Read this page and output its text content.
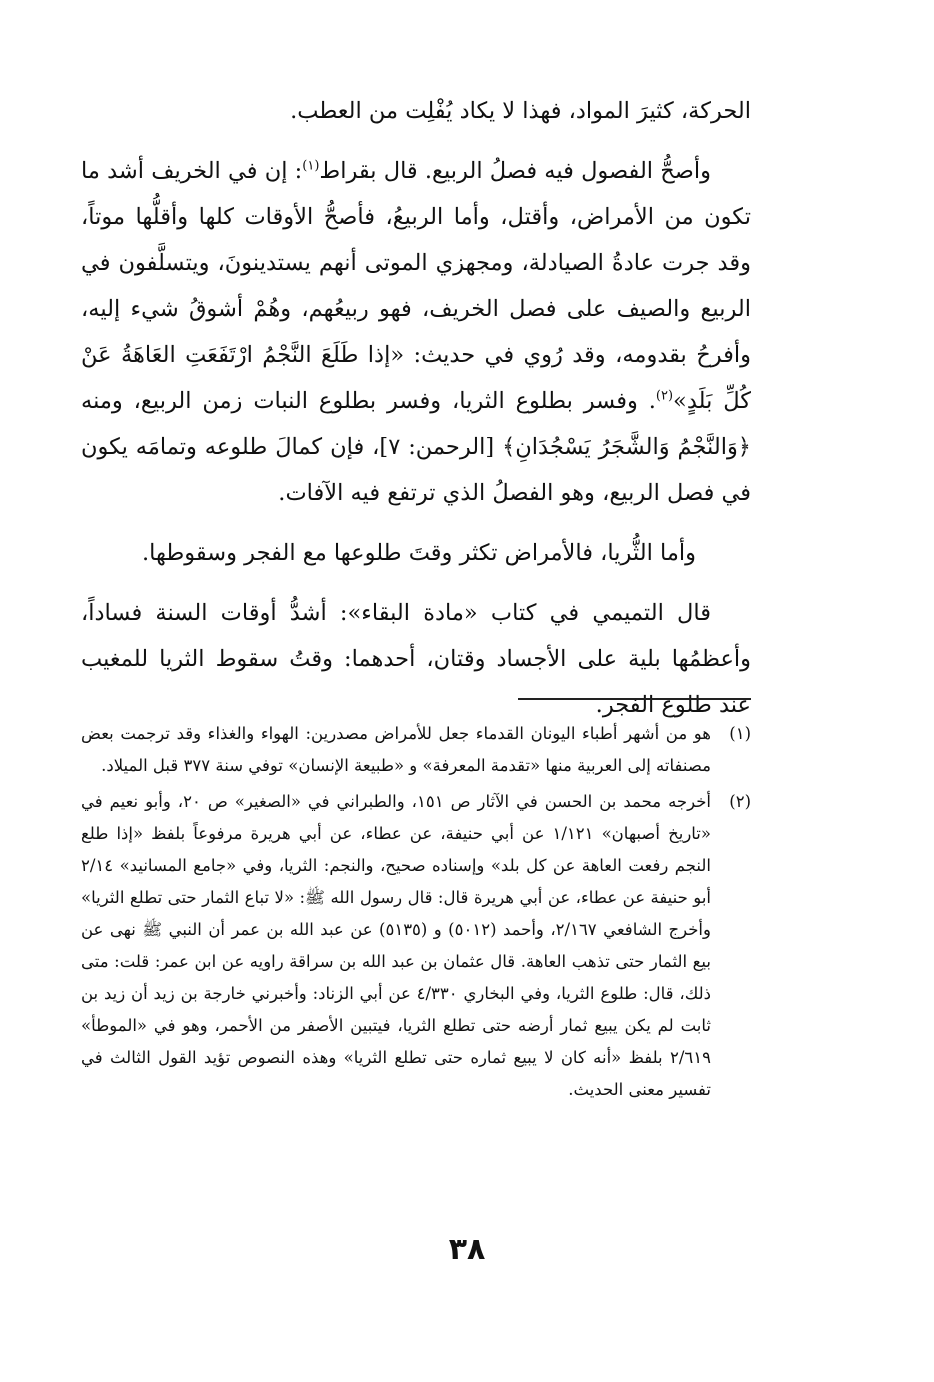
الحركة، كثيرَ المواد، فهذا لا يكاد يُفْلِت من العطب.

وأصحُّ الفصول فيه فصلُ الربيع. قال بقراط$^{(١)}$: إن في الخريف أشد ما تكون من الأمراض، وأقتل، وأما الربيعُ، فأصحُّ الأوقات كلها وأقلُّها موتاً، وقد جرت عادةُ الصيادلة، ومجهزي الموتى أنهم يستدينونَ، ويتسلَّفون في الربيع والصيف على فصل الخريف، فهو ربيعُهم، وهُمْ أشوقُ شيء إليه، وأفرحُ بقدومه، وقد رُوي في حديث: «إذا طَلَعَ النَّجْمُ ارْتَفَعَتِ العَاهَةُ عَنْ كُلِّ بَلَدٍ»$^{(٢)}$. وفسر بطلوع الثريا، وفسر بطلوع النبات زمن الربيع، ومنه ﴿وَالنَّجْمُ وَالشَّجَرُ يَسْجُدَانِ﴾ [الرحمن: ٧]، فإن كمالَ طلوعه وتمامَه يكون في فصل الربيع، وهو الفصلُ الذي ترتفع فيه الآفات.

وأما الثُّريا، فالأمراض تكثر وقتَ طلوعها مع الفجر وسقوطها.

قال التميمي في كتاب «مادة البقاء»: أشدُّ أوقات السنة فساداً، وأعظمُها بلية على الأجساد وقتان، أحدهما: وقتُ سقوط الثريا للمغيب عند طلوع الفجر.

(١)
هو من أشهر أطباء اليونان القدماء جعل للأمراض مصدرين: الهواء والغذاء وقد ترجمت بعض مصنفاته إلى العربية منها «تقدمة المعرفة» و «طبيعة الإنسان» توفي سنة ٣٧٧ قبل الميلاد.
(٢)
أخرجه محمد بن الحسن في الآثار ص ١٥١، والطبراني في «الصغير» ص ٢٠، وأبو نعيم في «تاريخ أصبهان» ١/١٢١ عن أبي حنيفة، عن عطاء، عن أبي هريرة مرفوعاً بلفظ «إذا طلع النجم رفعت العاهة عن كل بلد» وإسناده صحيح، والنجم: الثريا، وفي «جامع المسانيد» ٢/١٤ أبو حنيفة عن عطاء، عن أبي هريرة قال: قال رسول الله ﷺ: «لا تباع الثمار حتى تطلع الثريا» وأخرج الشافعي ٢/١٦٧، وأحمد (٥٠١٢) و (٥١٣٥) عن عبد الله بن عمر أن النبي ﷺ نهى عن بيع الثمار حتى تذهب العاهة. قال عثمان بن عبد الله بن سراقة راويه عن ابن عمر: قلت: متى ذلك، قال: طلوع الثريا، وفي البخاري ٤/٣٣٠ عن أبي الزناد: وأخبرني خارجة بن زيد أن زيد بن ثابت لم يكن يبيع ثمار أرضه حتى تطلع الثريا، فيتبين الأصفر من الأحمر، وهو في «الموطأ» ٢/٦١٩ بلفظ «أنه كان لا يبيع ثماره حتى تطلع الثريا» وهذه النصوص تؤيد القول الثالث في تفسير معنى الحديث.
٣٨
